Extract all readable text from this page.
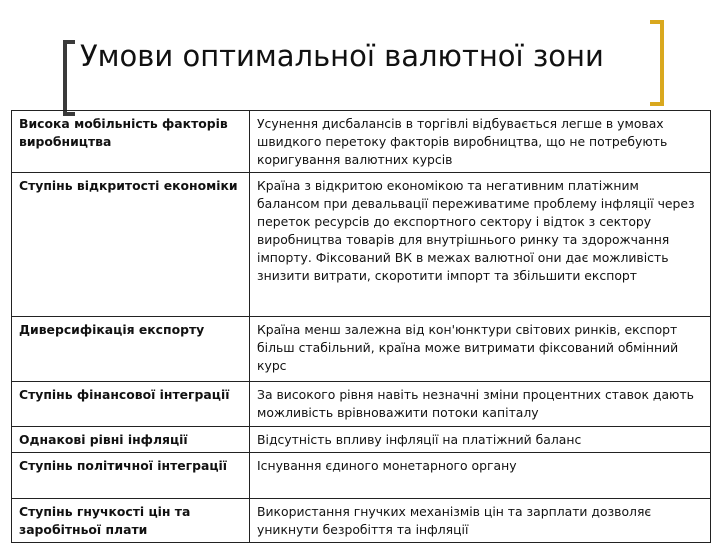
Умови оптимальної валютної зони
Висока мобільність факторів виробництва	Усунення дисбалансів в торгівлі відбувається легше в умовах швидкого перетоку факторів виробництва, що не потребують коригування валютних курсів
Ступінь відкритості економіки	Країна з відкритою економікою та негативним платіжним балансом при девальвації переживатиме проблему інфляції через переток ресурсів до експортного сектору і відток з сектору виробництва товарів для внутрішнього ринку та здорожчання імпорту. Фіксований ВК в межах валютної они дає можливість знизити витрати, скоротити імпорт та збільшити експорт
Диверсифікація експорту	Країна менш залежна від кон'юнктури світових ринків, експорт більш стабільний, країна може витримати фіксований обмінний курс
Ступінь фінансової інтеграції	За високого рівня навіть незначні зміни процентних ставок дають можливість врівноважити потоки капіталу
Однакові рівні інфляції	Відсутність впливу інфляції на платіжний баланс
Ступінь політичної інтеграції	Існування єдиного монетарного органу
Ступінь гнучкості цін та заробітньої плати	Використання гнучких механізмів цін та зарплати дозволяє уникнути безробіття та інфляції
